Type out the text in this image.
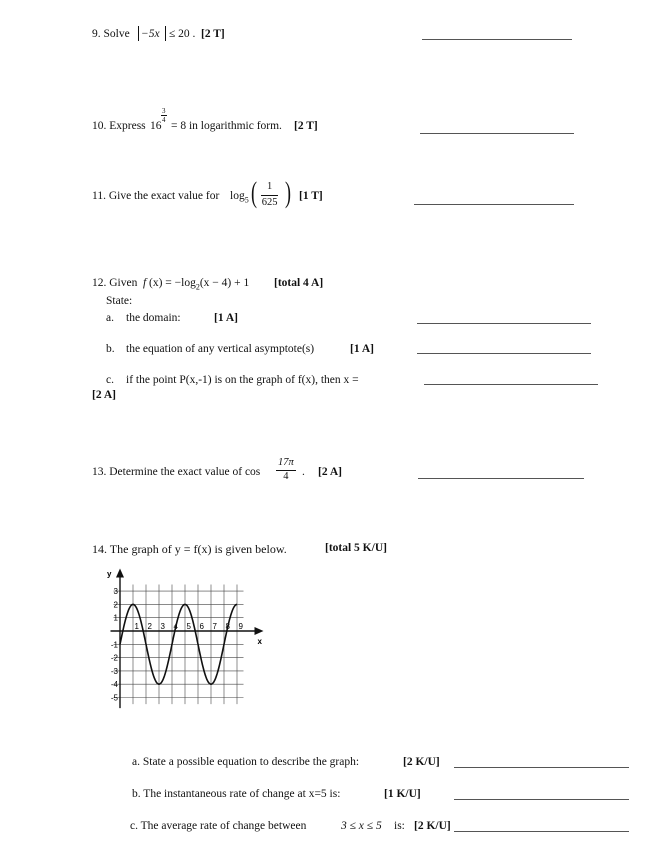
9. Solve −5x ≤ 20 . [2 T]
10. Express 16
$\frac{3}{4}$
= 8 in logarithmic form. [2 T]
11. Give the exact value for $\log_5$ ( $\frac{1}{625}$ ) [1 T]
12. Given f $(x) = -\log_2(x - 4) + 1$ [total 4 A]
State:
a. the domain:	[1 A]
b. the equation of any vertical asymptote(s)	[1 A]
c. if the point P(x,-1) is on the graph of f(x), then x =
[2 A]
13. Determine the exact value of $\cos \frac{17\pi}{4}$ . [2 A]
14. The graph of y = f(x) is given below.	[total 5 K/U]
x
y
1 2 3 4 5 6 7 8 9
3
2
1
-1
-2
-3
-4
-5
a. State a possible equation to describe the graph:	[2 K/U]
b. The instantaneous rate of change at x=5 is:	[1 K/U]
c. The average rate of change between	3 ≤ x ≤ 5 is: [2 K/U]
